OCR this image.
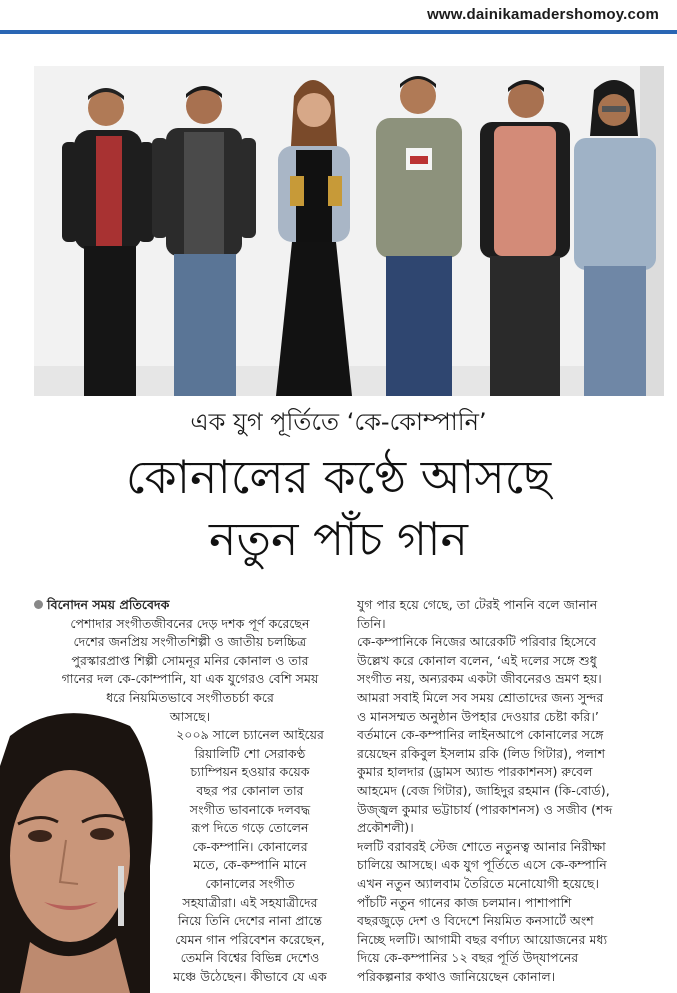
www.dainikamadershomoy.com
এক যুগ পূর্তিতে ‘কে-কোম্পানি’
কোনালের কণ্ঠে আসছে
নতুন পাঁচ গান
বিনোদন সময় প্রতিবেদক
পেশাদার সংগীতজীবনের দেড় দশক পূর্ণ করেছেন
দেশের জনপ্রিয় সংগীতশিল্পী ও জাতীয় চলচ্চিত্র
পুরস্কারপ্রাপ্ত শিল্পী সোমনূর মনির কোনাল ও তার
গানের দল কে-কোম্পানি, যা এক যুগেরও বেশি সময়
ধরে নিয়মিতভাবে সংগীতচর্চা করে
আসছে।
২০০৯ সালে চ্যানেল আইয়ের
রিয়ালিটি শো সেরাকণ্ঠ
চ্যাম্পিয়ন হওয়ার কয়েক
বছর পর কোনাল তার
সংগীত ভাবনাকে দলবদ্ধ
রূপ দিতে গড়ে তোলেন
কে-কম্পানি। কোনালের
মতে, কে-কম্পানি মানে
কোনালের সংগীত
সহযাত্রীরা। এই সহযাত্রীদের
নিয়ে তিনি দেশের নানা প্রান্তে
যেমন গান পরিবেশন করেছেন,
তেমনি বিশ্বের বিভিন্ন দেশেও
মঞ্চে উঠেছেন। কীভাবে যে এক
যুগ পার হয়ে গেছে, তা টেরই পাননি বলে জানান
তিনি।
কে-কম্পানিকে নিজের আরেকটি পরিবার হিসেবে
উল্লেখ করে কোনাল বলেন, ‘এই দলের সঙ্গে শুধু
সংগীত নয়, অন্যরকম একটা জীবনেরও ভ্রমণ হয়।
আমরা সবাই মিলে সব সময় শ্রোতাদের জন্য সুন্দর
ও মানসম্মত অনুষ্ঠান উপহার দেওয়ার চেষ্টা করি।’
বর্তমানে কে-কম্পানির লাইনআপে কোনালের সঙ্গে
রয়েছেন রকিবুল ইসলাম রকি (লিড গিটার), পলাশ
কুমার হালদার (ড্রামস অ্যান্ড পারকাশনস) রুবেল
আহমেদ (বেজ গিটার), জাহিদুর রহমান (কি-বোর্ড),
উজ্জ্বল কুমার ভট্টাচার্য (পারকাশনস) ও সজীব (শব্দ
প্রকৌশলী)।
দলটি বরাবরই স্টেজ শোতে নতুনত্ব আনার নিরীক্ষা
চালিয়ে আসছে। এক যুগ পূর্তিতে এসে কে-কম্পানি
এখন নতুন অ্যালবাম তৈরিতে মনোযোগী হয়েছে।
পাঁচটি নতুন গানের কাজ চলমান। পাশাপাশি
বছরজুড়ে দেশ ও বিদেশে নিয়মিত কনসার্টে অংশ
নিচ্ছে দলটি। আগামী বছর বর্ণাঢ্য আয়োজনের মধ্য
দিয়ে কে-কম্পানির ১২ বছর পূর্তি উদ্‌যাপনের
পরিকল্পনার কথাও জানিয়েছেন কোনাল।
